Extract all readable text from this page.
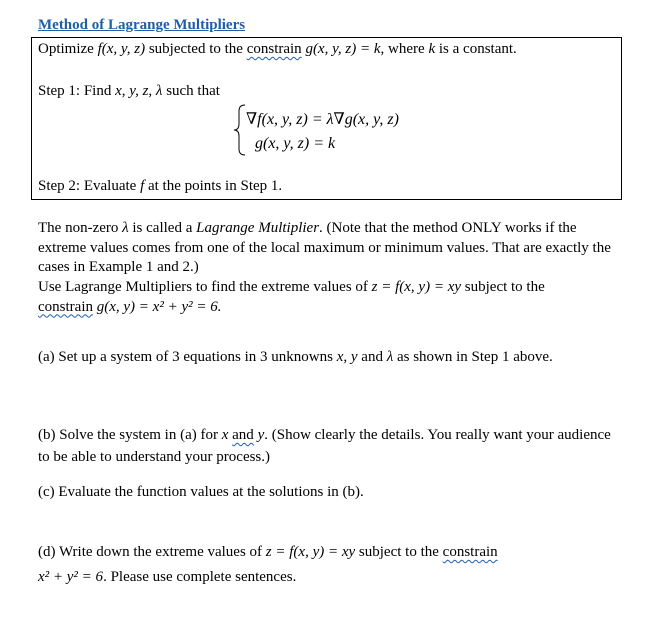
Method of Lagrange Multipliers
Optimize f(x, y, z) subjected to the constrain g(x, y, z) = k, where k is a constant.
Step 1: Find x, y, z, λ such that
∇f(x, y, z) = λ∇g(x, y, z)
g(x, y, z) = k
Step 2: Evaluate f at the points in Step 1.
The non-zero λ is called a Lagrange Multiplier. (Note that the method ONLY works if the extreme values comes from one of the local maximum or minimum values. That are exactly the cases in Example 1 and 2.)
Use Lagrange Multipliers to find the extreme values of z = f(x, y) = xy subject to the
constrain g(x, y) = x² + y² = 6.
(a) Set up a system of 3 equations in 3 unknowns x, y and λ as shown in Step 1 above.
(b) Solve the system in (a) for x and y. (Show clearly the details. You really want your audience to be able to understand your process.)
(c) Evaluate the function values at the solutions in (b).
(d) Write down the extreme values of z = f(x, y) = xy subject to the constrain
x² + y² = 6. Please use complete sentences.
